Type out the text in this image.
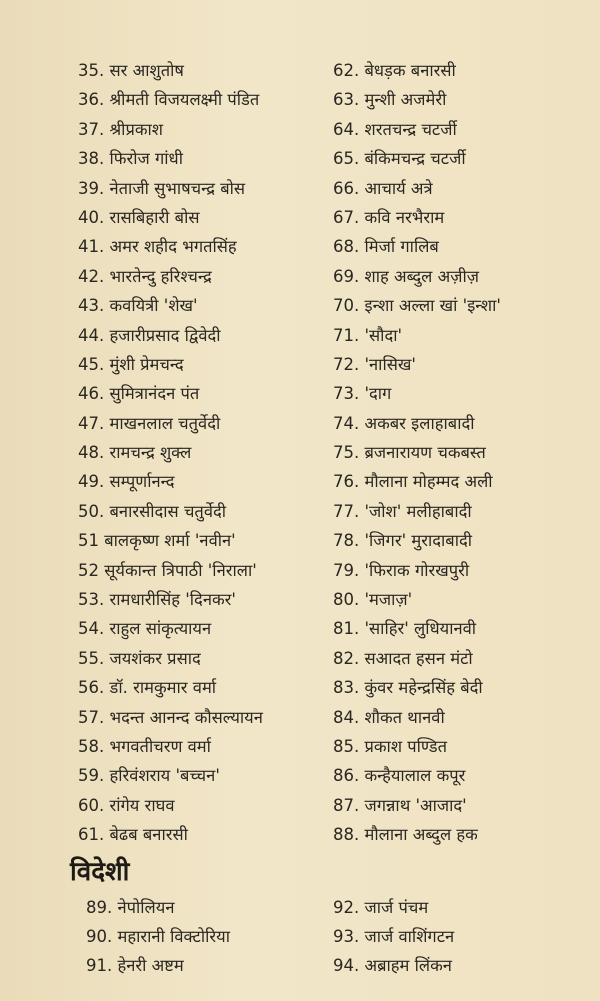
35. सर आशुतोष
36. श्रीमती विजयलक्ष्मी पंडित
37. श्रीप्रकाश
38. फिरोज गांधी
39. नेताजी सुभाषचन्द्र बोस
40. रासबिहारी बोस
41. अमर शहीद भगतसिंह
42. भारतेन्दु हरिश्चन्द्र
43. कवयित्री 'शेख'
44. हजारीप्रसाद द्विवेदी
45. मुंशी प्रेमचन्द
46. सुमित्रानंदन पंत
47. माखनलाल चतुर्वेदी
48. रामचन्द्र शुक्ल
49. सम्पूर्णानन्द
50. बनारसीदास चतुर्वेदी
51 बालकृष्ण शर्मा 'नवीन'
52 सूर्यकान्त त्रिपाठी 'निराला'
53. रामधारीसिंह 'दिनकर'
54. राहुल सांकृत्यायन
55. जयशंकर प्रसाद
56. डॉ. रामकुमार वर्मा
57. भदन्त आनन्द कौसल्यायन
58. भगवतीचरण वर्मा
59. हरिवंशराय 'बच्चन'
60. रांगेय राघव
61. बेढब बनारसी
62. बेधड़क बनारसी
63. मुन्शी अजमेरी
64. शरतचन्द्र चटर्जी
65. बंकिमचन्द्र चटर्जी
66. आचार्य अत्रे
67. कवि नरभैराम
68. मिर्जा गालिब
69. शाह अब्दुल अज़ीज़
70. इन्शा अल्ला खां 'इन्शा'
71. 'सौदा'
72. 'नासिख'
73. 'दाग
74. अकबर इलाहाबादी
75. ब्रजनारायण चकबस्त
76. मौलाना मोहम्मद अली
77. 'जोश' मलीहाबादी
78. 'जिगर' मुरादाबादी
79. 'फिराक गोरखपुरी
80. 'मजाज़'
81. 'साहिर' लुधियानवी
82. सआदत हसन मंटो
83. कुंवर महेन्द्रसिंह बेदी
84. शौकत थानवी
85. प्रकाश पण्डित
86. कन्हैयालाल कपूर
87. जगन्नाथ 'आजाद'
88. मौलाना अब्दुल हक
विदेशी
89. नेपोलियन
90. महारानी विक्टोरिया
91. हेनरी अष्टम
92. जार्ज पंचम
93. जार्ज वाशिंगटन
94. अब्राहम लिंकन
